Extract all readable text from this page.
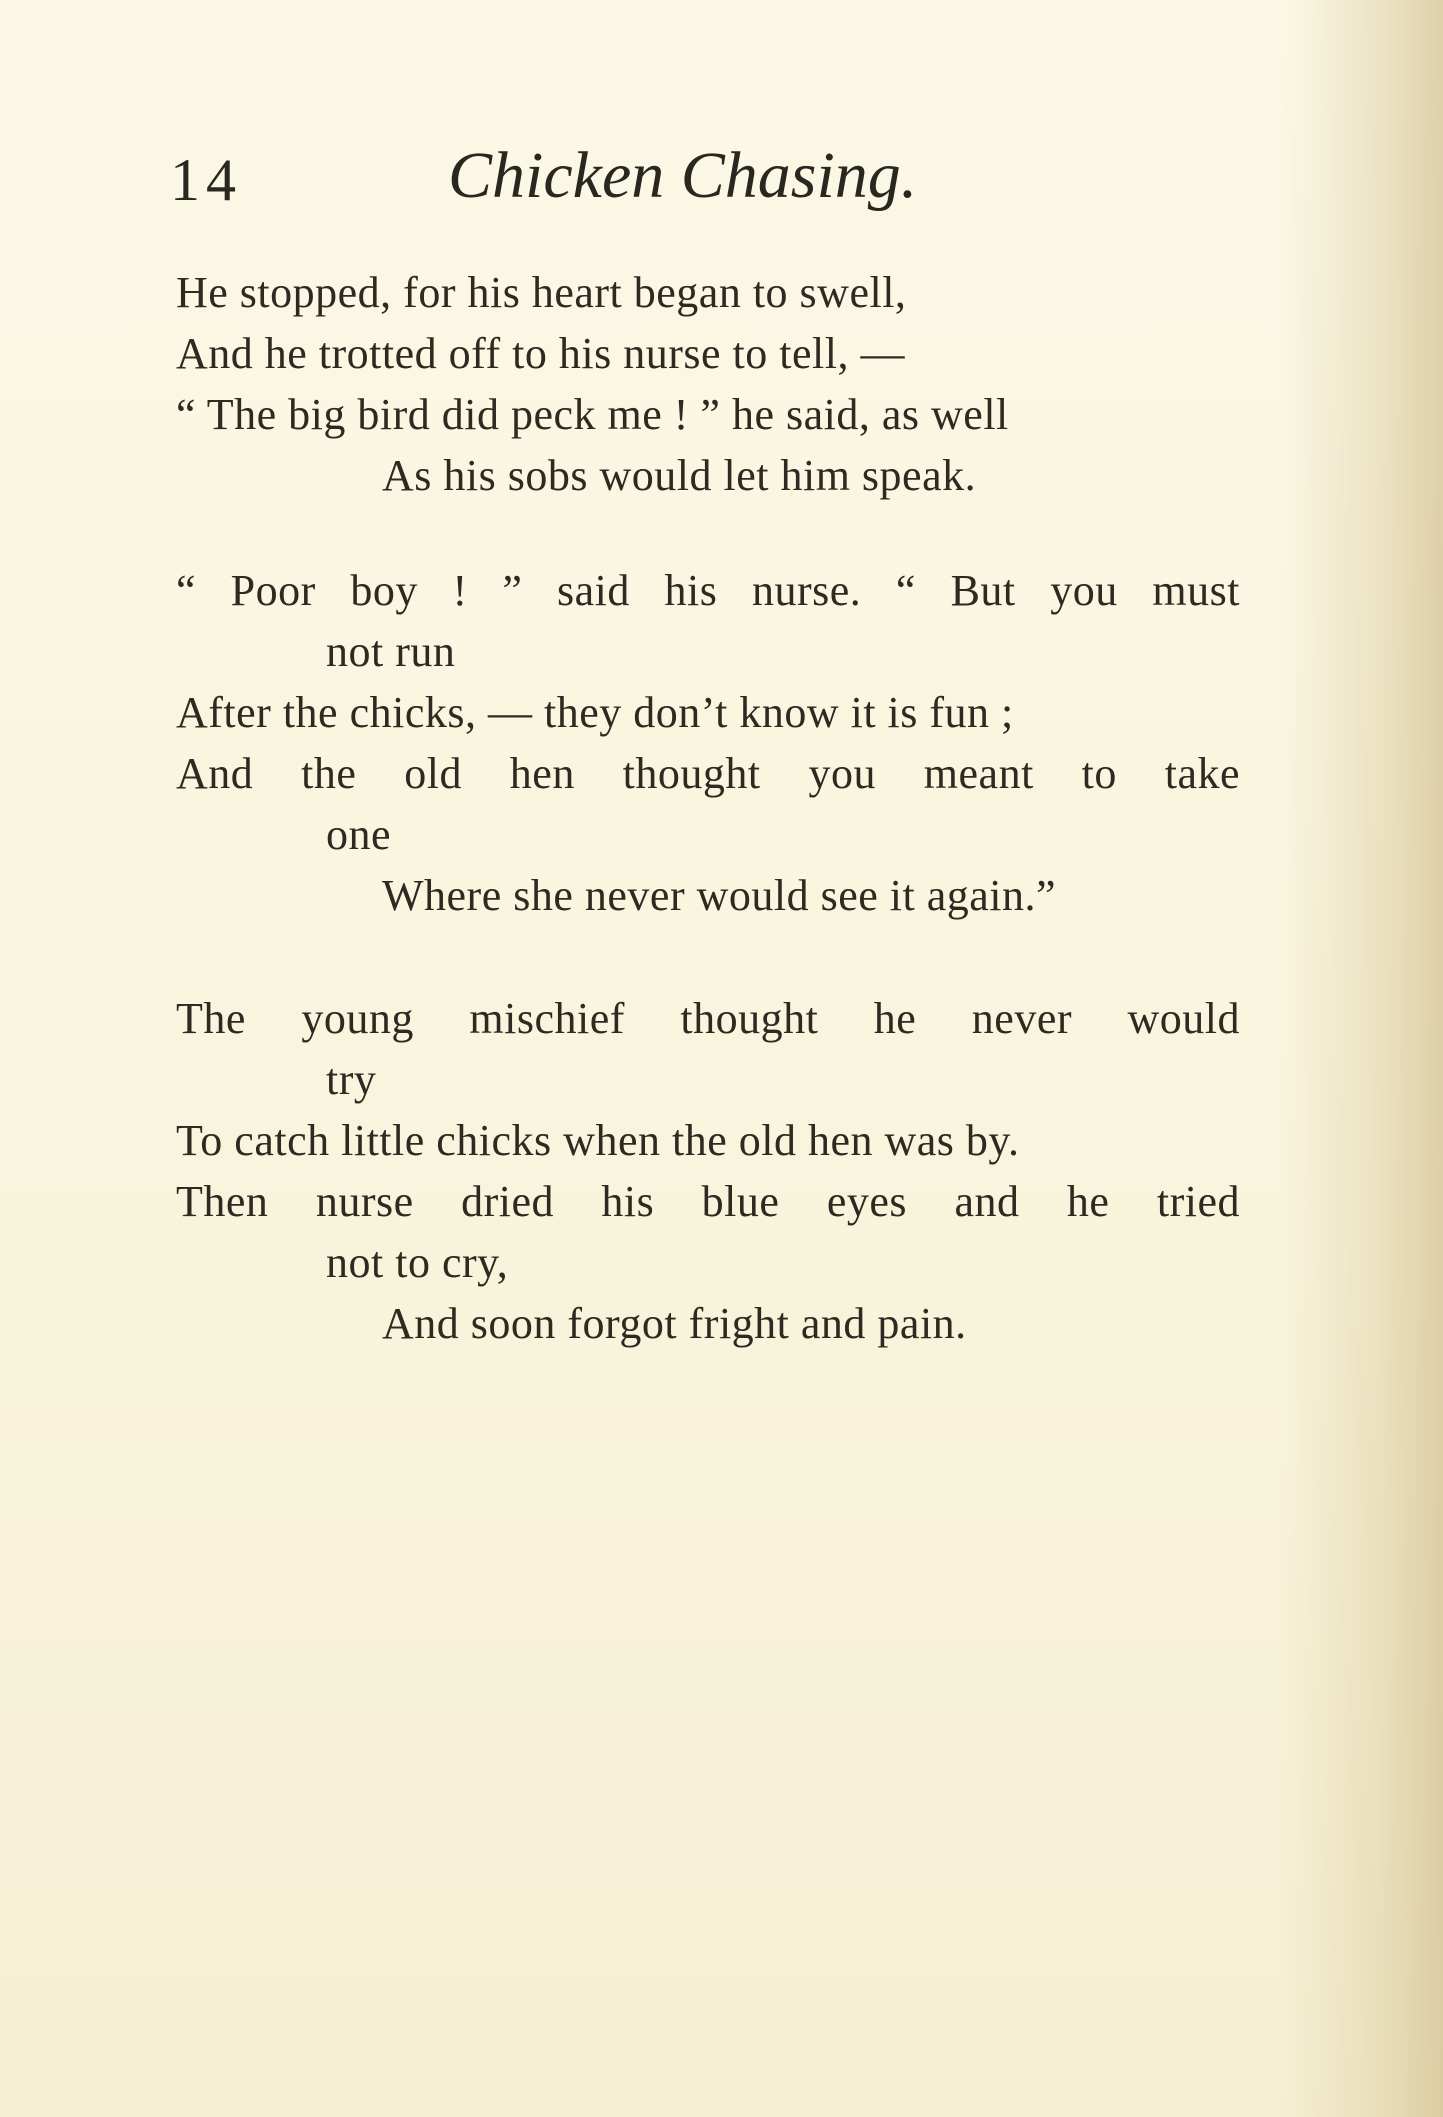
14	Chicken Chasing.
He stopped, for his heart began to swell,
And he trotted off to his nurse to tell, —
“ The big bird did peck me ! ” he said, as well
As his sobs would let him speak.
“ Poor boy ! ” said his nurse. “ But you must
not run
After the chicks, — they don’t know it is fun ;
And the old hen thought you meant to take
one
Where she never would see it again.”
The young mischief thought he never would
try
To catch little chicks when the old hen was by.
Then nurse dried his blue eyes and he tried
not to cry,
And soon forgot fright and pain.
